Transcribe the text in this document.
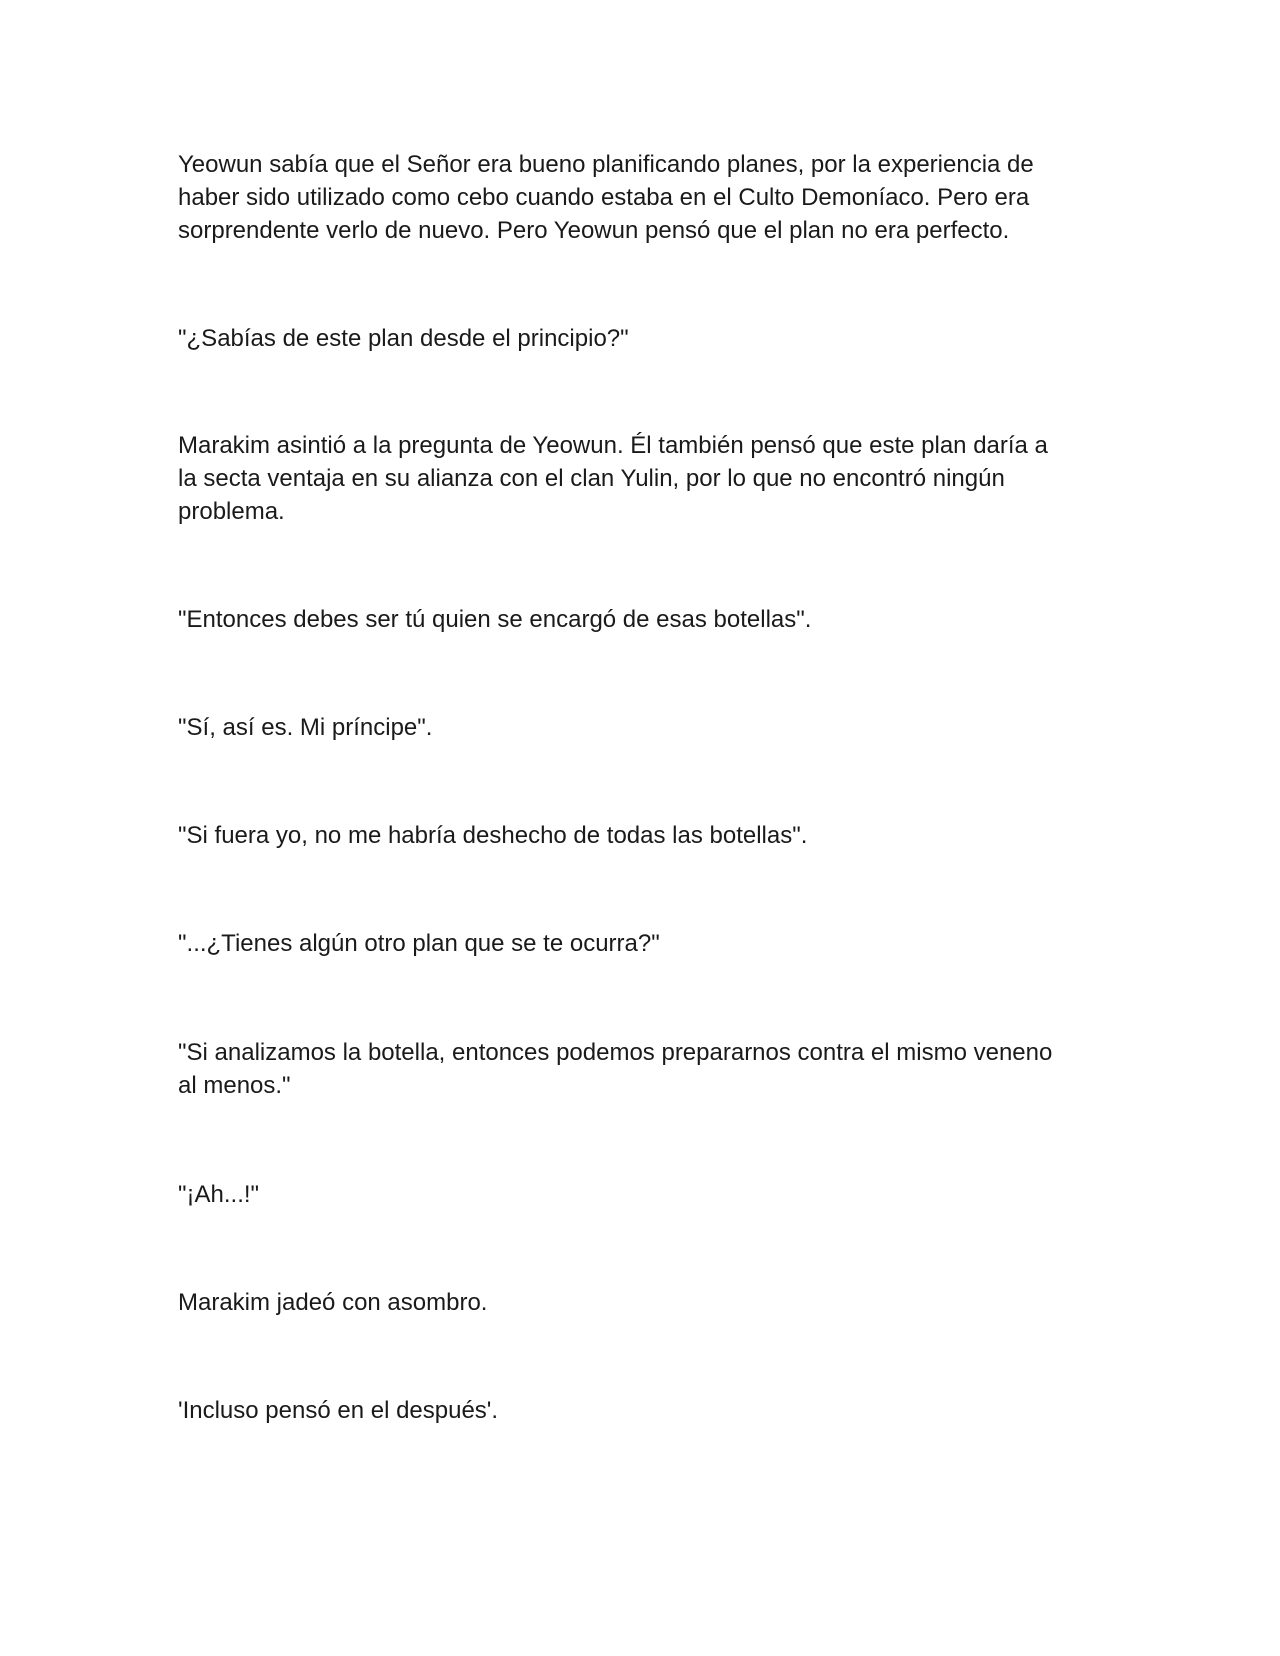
Yeowun sabía que el Señor era bueno planificando planes, por la experiencia de
haber sido utilizado como cebo cuando estaba en el Culto Demoníaco. Pero era
sorprendente verlo de nuevo. Pero Yeowun pensó que el plan no era perfecto.

"¿Sabías de este plan desde el principio?"

Marakim asintió a la pregunta de Yeowun. Él también pensó que este plan daría a
la secta ventaja en su alianza con el clan Yulin, por lo que no encontró ningún
problema.

"Entonces debes ser tú quien se encargó de esas botellas".

"Sí, así es. Mi príncipe".

"Si fuera yo, no me habría deshecho de todas las botellas".

"...¿Tienes algún otro plan que se te ocurra?"

"Si analizamos la botella, entonces podemos prepararnos contra el mismo veneno
al menos."

"¡Ah...!"

Marakim jadeó con asombro.

'Incluso pensó en el después'.
